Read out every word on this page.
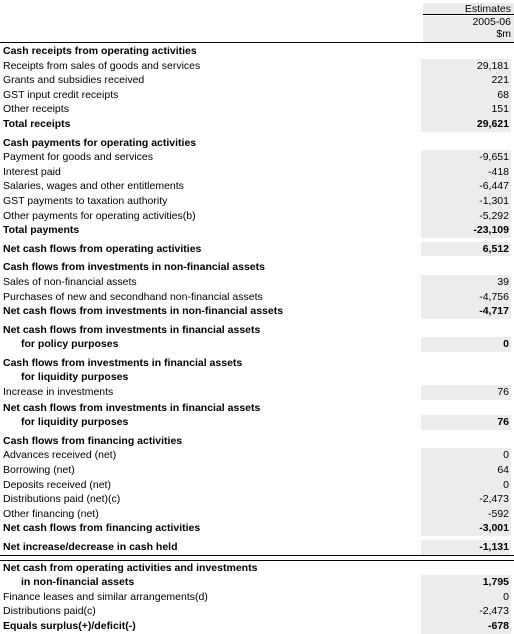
Estimates
2005-06
$m
Cash receipts from operating activities
Receipts from sales of goods and services	29,181
Grants and subsidies received	221
GST input credit receipts	68
Other receipts	151
Total receipts	29,621
Cash payments for operating activities
Payment for goods and services	-9,651
Interest paid	-418
Salaries, wages and other entitlements	-6,447
GST payments to taxation authority	-1,301
Other payments for operating activities(b)	-5,292
Total payments	-23,109
Net cash flows from operating activities	6,512
Cash flows from investments in non-financial assets
Sales of non-financial assets	39
Purchases of new and secondhand non-financial assets	-4,756
Net cash flows from investments in non-financial assets	-4,717
Net cash flows from investments in financial assets
for policy purposes	0
Cash flows from investments in financial assets
for liquidity purposes
Increase in investments	76
Net cash flows from investments in financial assets
for liquidity purposes	76
Cash flows from financing activities
Advances received (net)	0
Borrowing (net)	64
Deposits received (net)	0
Distributions paid (net)(c)	-2,473
Other financing (net)	-592
Net cash flows from financing activities	-3,001
Net increase/decrease in cash held	-1,131
Net cash from operating activities and investments
in non-financial assets	1,795
Finance leases and similar arrangements(d)	0
Distributions paid(c)	-2,473
Equals surplus(+)/deficit(-)	-678
